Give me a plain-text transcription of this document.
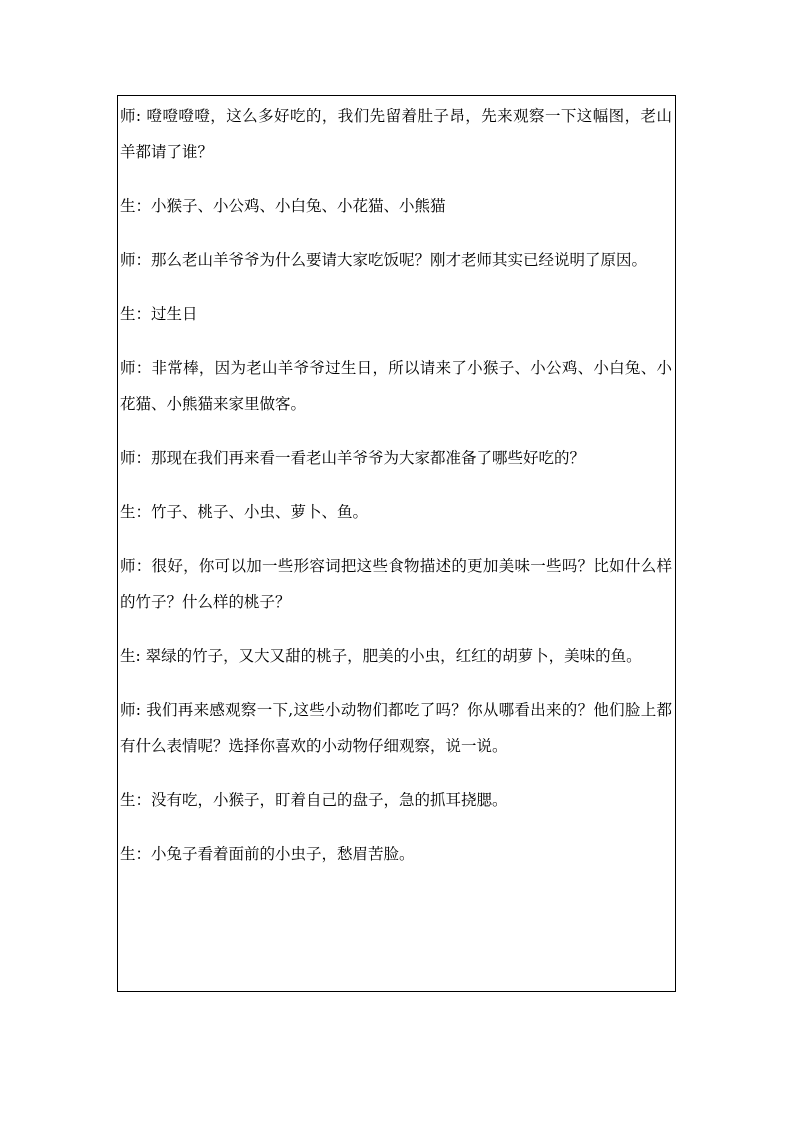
师: 噔噔噔噔，这么多好吃的，我们先留着肚子昂，先来观察一下这幅图，老山羊都请了谁？
生：小猴子、小公鸡、小白兔、小花猫、小熊猫
师：那么老山羊爷爷为什么要请大家吃饭呢？刚才老师其实已经说明了原因。
生：过生日
师：非常棒，因为老山羊爷爷过生日，所以请来了小猴子、小公鸡、小白兔、小花猫、小熊猫来家里做客。
师：那现在我们再来看一看老山羊爷爷为大家都准备了哪些好吃的？
生：竹子、桃子、小虫、萝卜、鱼。
师：很好，你可以加一些形容词把这些食物描述的更加美味一些吗？比如什么样的竹子？什么样的桃子？
生: 翠绿的竹子，又大又甜的桃子，肥美的小虫，红红的胡萝卜，美味的鱼。
师: 我们再来感观察一下,这些小动物们都吃了吗？你从哪看出来的？他们脸上都有什么表情呢？选择你喜欢的小动物仔细观察，说一说。
生：没有吃，小猴子，盯着自己的盘子，急的抓耳挠腮。
生：小兔子看着面前的小虫子，愁眉苦脸。
